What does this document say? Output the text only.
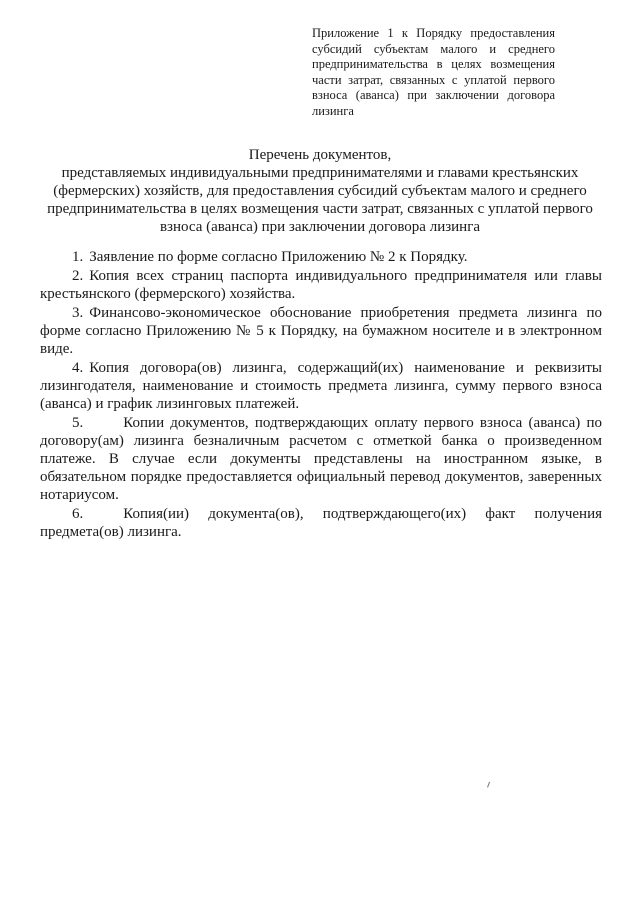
Приложение 1 к Порядку предоставления субсидий субъектам малого и среднего предпринимательства в целях возмещения части затрат, связанных с уплатой первого взноса (аванса) при заключении договора лизинга
Перечень документов,
представляемых индивидуальными предпринимателями и главами крестьянских (фермерских) хозяйств, для предоставления субсидий субъектам малого и среднего предпринимательства в целях возмещения части затрат, связанных с уплатой первого взноса (аванса) при заключении договора лизинга
1. Заявление по форме согласно Приложению № 2 к Порядку.
2. Копия всех страниц паспорта индивидуального предпринимателя или главы крестьянского (фермерского) хозяйства.
3. Финансово-экономическое обоснование приобретения предмета лизинга по форме согласно Приложению № 5 к Порядку, на бумажном носителе и в электронном виде.
4. Копия договора(ов) лизинга, содержащий(их) наименование и реквизиты лизингодателя, наименование и стоимость предмета лизинга, сумму первого взноса (аванса) и график лизинговых платежей.
5.	Копии документов, подтверждающих оплату первого взноса (аванса) по договору(ам) лизинга безналичным расчетом с отметкой банка о произведенном платеже. В случае если документы представлены на иностранном языке, в обязательном порядке предоставляется официальный перевод документов, заверенных нотариусом.
6.	Копия(ии) документа(ов), подтверждающего(их) факт получения предмета(ов) лизинга.
